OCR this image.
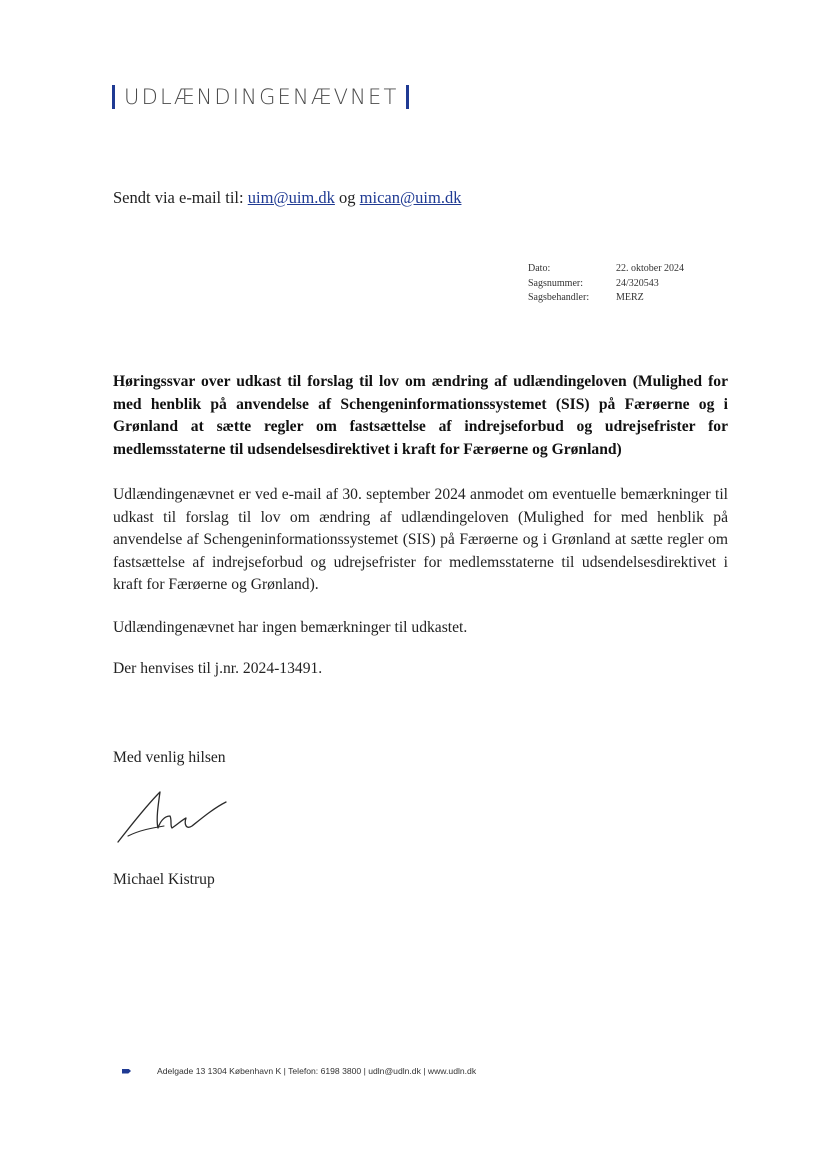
UDLÆNDINGENÆVNET
Sendt via e-mail til: uim@uim.dk og mican@uim.dk
Dato:	22. oktober 2024
Sagsnummer:	24/320543
Sagsbehandler:	MERZ
Høringssvar over udkast til forslag til lov om ændring af udlændingeloven (Mulighed for med henblik på anvendelse af Schengeninformationssystemet (SIS) på Færøerne og i Grønland at sætte regler om fastsættelse af indrejseforbud og udrejsefrister for medlemsstaterne til udsendelsesdirektivet i kraft for Færøerne og Grønland)
Udlændingenævnet er ved e-mail af 30. september 2024 anmodet om eventuelle bemærkninger til udkast til forslag til lov om ændring af udlændingeloven (Mulighed for med henblik på anvendelse af Schengeninformationssystemet (SIS) på Færøerne og i Grønland at sætte regler om fastsættelse af indrejseforbud og udrejsefrister for medlemsstaterne til udsendelsesdirektivet i kraft for Færøerne og Grønland).
Udlændingenævnet har ingen bemærkninger til udkastet.
Der henvises til j.nr. 2024-13491.
Med venlig hilsen
Michael Kistrup
Adelgade 13 1304 København K | Telefon: 6198 3800 | udln@udln.dk | www.udln.dk
